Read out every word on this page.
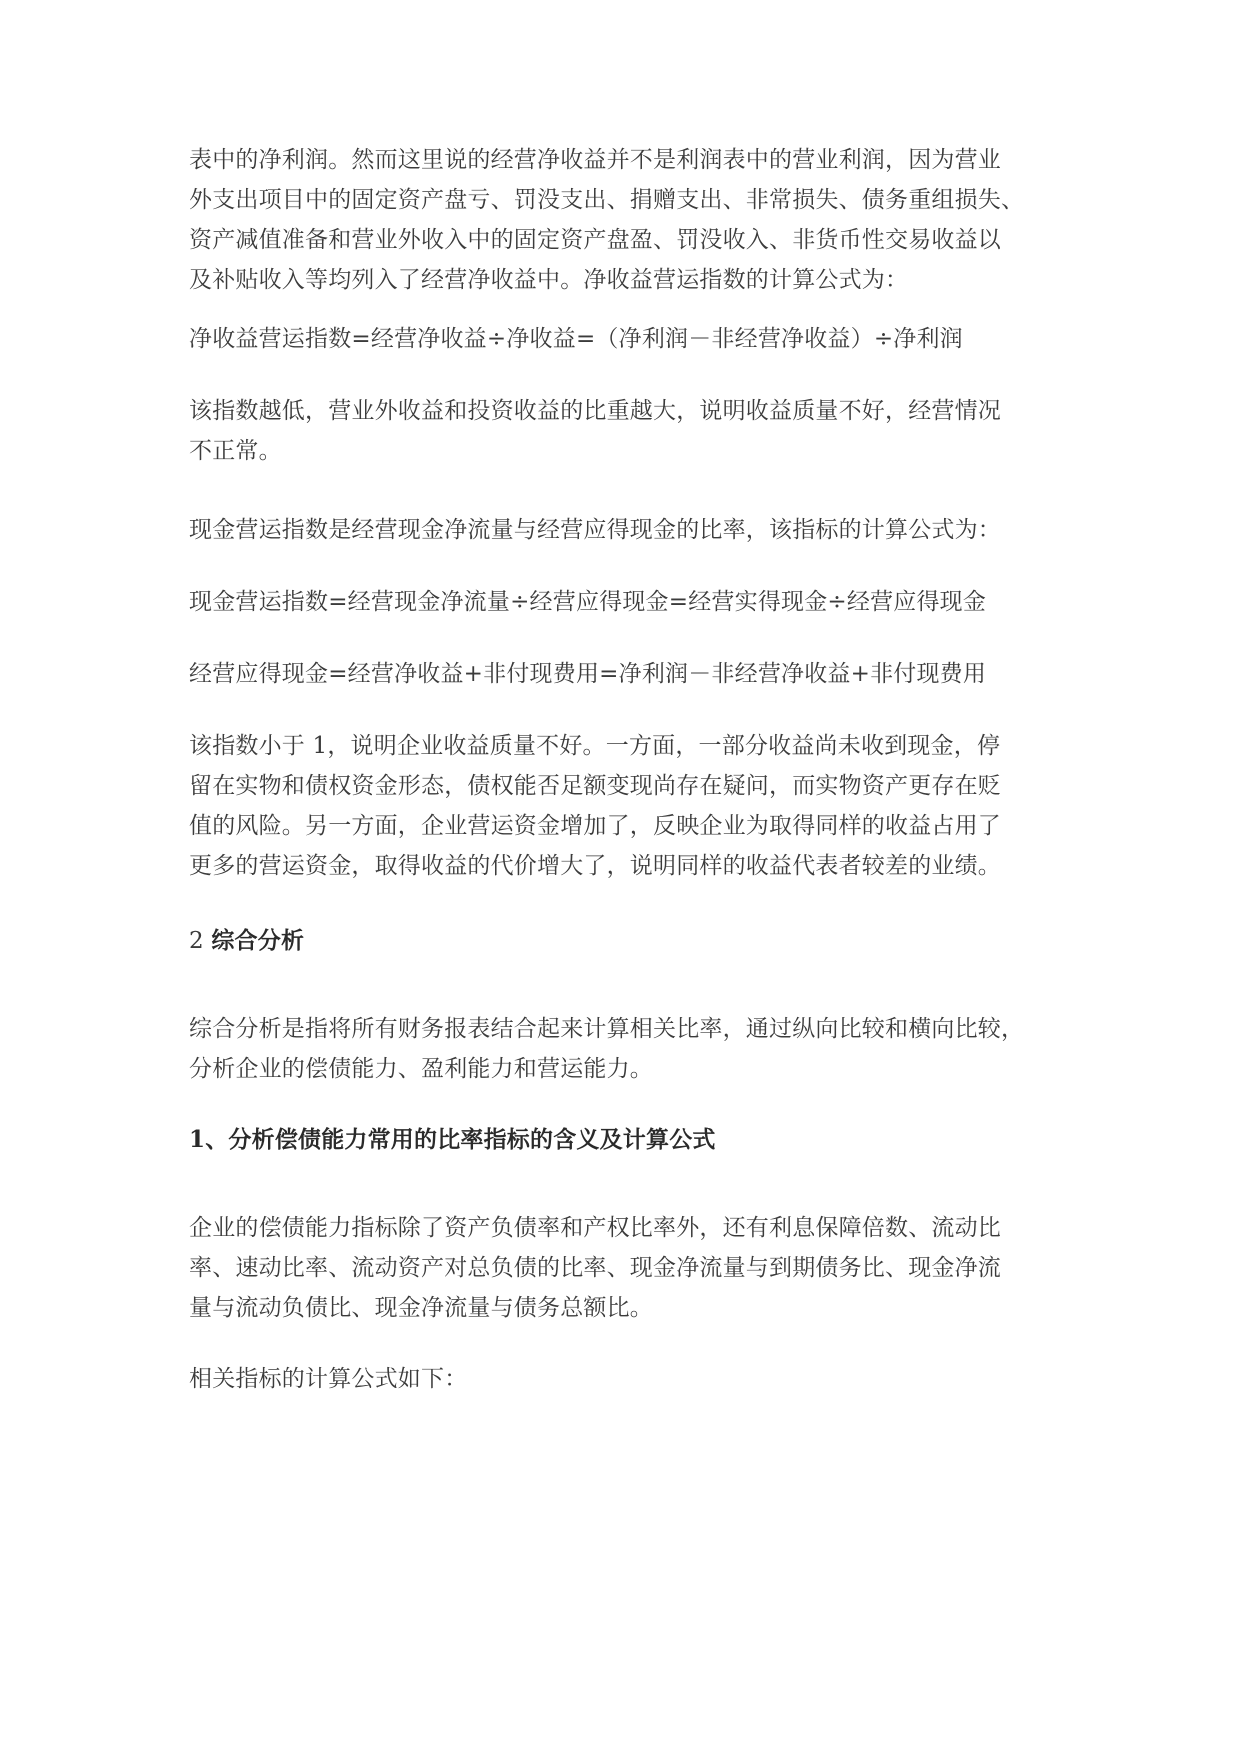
表中的净利润。然而这里说的经营净收益并不是利润表中的营业利润，因为营业
外支出项目中的固定资产盘亏、罚没支出、捐赠支出、非常损失、债务重组损失、
资产减值准备和营业外收入中的固定资产盘盈、罚没收入、非货币性交易收益以
及补贴收入等均列入了经营净收益中。净收益营运指数的计算公式为：

净收益营运指数=经营净收益÷净收益=（净利润－非经营净收益）÷净利润

该指数越低，营业外收益和投资收益的比重越大，说明收益质量不好，经营情况
不正常。

现金营运指数是经营现金净流量与经营应得现金的比率，该指标的计算公式为：

现金营运指数=经营现金净流量÷经营应得现金=经营实得现金÷经营应得现金

经营应得现金=经营净收益+非付现费用=净利润－非经营净收益+非付现费用

该指数小于 1，说明企业收益质量不好。一方面，一部分收益尚未收到现金，停
留在实物和债权资金形态，债权能否足额变现尚存在疑问，而实物资产更存在贬
值的风险。另一方面，企业营运资金增加了，反映企业为取得同样的收益占用了
更多的营运资金，取得收益的代价增大了，说明同样的收益代表者较差的业绩。

2 综合分析

综合分析是指将所有财务报表结合起来计算相关比率，通过纵向比较和横向比较，
分析企业的偿债能力、盈利能力和营运能力。

1、分析偿债能力常用的比率指标的含义及计算公式

企业的偿债能力指标除了资产负债率和产权比率外，还有利息保障倍数、流动比
率、速动比率、流动资产对总负债的比率、现金净流量与到期债务比、现金净流
量与流动负债比、现金净流量与债务总额比。

相关指标的计算公式如下：
